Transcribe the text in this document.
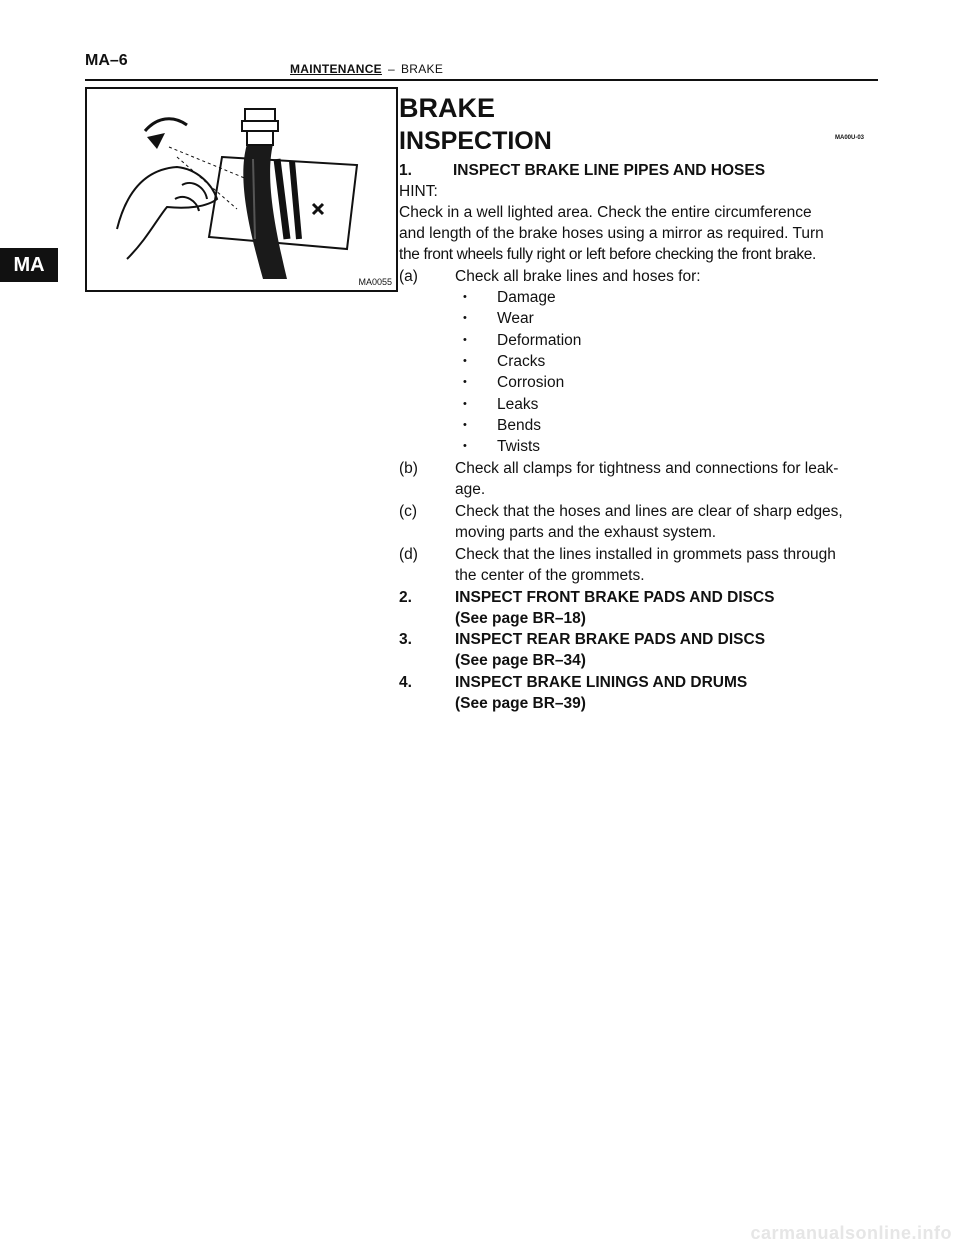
MA–6	MAINTENANCE – BRAKE
MA
MA0055
MA00U-03
BRAKE
INSPECTION
1.	INSPECT BRAKE LINE PIPES AND HOSES
HINT:
Check in a well lighted area. Check the entire circumference
and length of the brake hoses using a mirror as required. Turn
the front wheels fully right or left before checking the front brake.
(a) Check all brake lines and hoses for:
• Damage
• Wear
• Deformation
• Cracks
• Corrosion
• Leaks
• Bends
• Twists
(b) Check all clamps for tightness and connections for leak-
age.
(c) Check that the hoses and lines are clear of sharp edges,
moving parts and the exhaust system.
(d) Check that the lines installed in grommets pass through
the center of the grommets.
2.	INSPECT FRONT BRAKE PADS AND DISCS
(See page BR–18)
3.	INSPECT REAR BRAKE PADS AND DISCS
(See page BR–34)
4.	INSPECT BRAKE LININGS AND DRUMS
(See page BR–39)
carmanualsonline.info
